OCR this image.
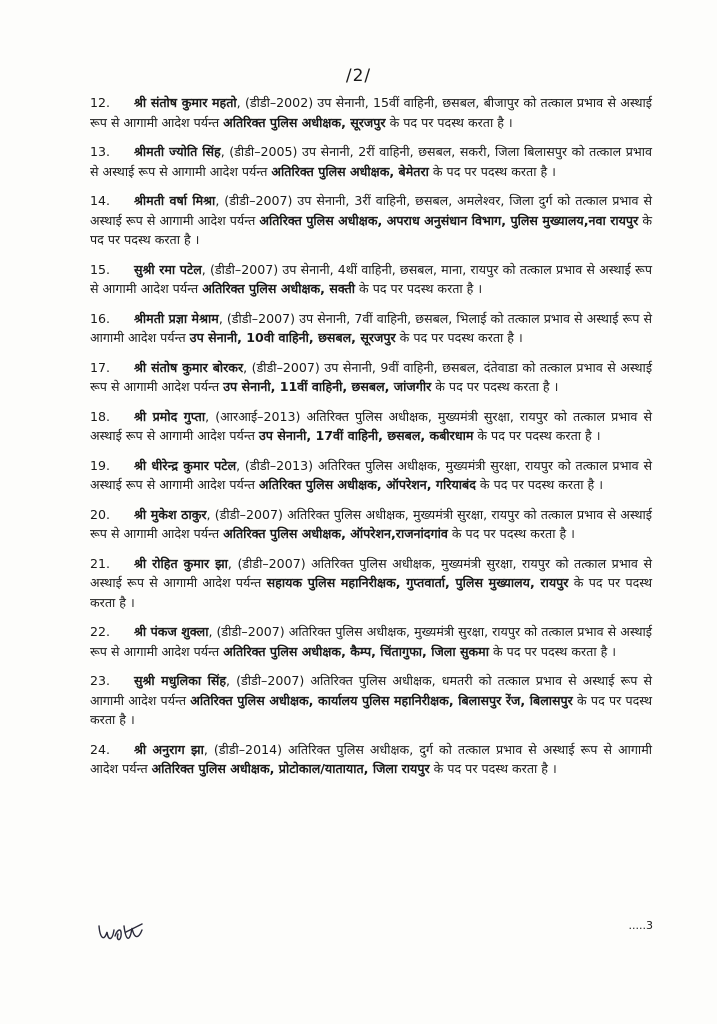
/2/

12. श्री संतोष कुमार महतो, (डीडी–2002) उप सेनानी, 15वीं वाहिनी, छसबल, बीजापुर को तत्काल प्रभाव से अस्थाई रूप से आगामी आदेश पर्यन्त अतिरिक्त पुलिस अधीक्षक, सूरजपुर के पद पर पदस्थ करता है ।

13. श्रीमती ज्योति सिंह, (डीडी–2005) उप सेनानी, 2रीं वाहिनी, छसबल, सकरी, जिला बिलासपुर को तत्काल प्रभाव से अस्थाई रूप से आगामी आदेश पर्यन्त अतिरिक्त पुलिस अधीक्षक, बेमेतरा के पद पर पदस्थ करता है ।

14. श्रीमती वर्षा मिश्रा, (डीडी–2007) उप सेनानी, 3रीं वाहिनी, छसबल, अमलेश्वर, जिला दुर्ग को तत्काल प्रभाव से अस्थाई रूप से आगामी आदेश पर्यन्त अतिरिक्त पुलिस अधीक्षक, अपराध अनुसंधान विभाग, पुलिस मुख्यालय,नवा रायपुर के पद पर पदस्थ करता है ।

15. सुश्री रमा पटेल, (डीडी–2007) उप सेनानी, 4थीं वाहिनी, छसबल, माना, रायपुर को तत्काल प्रभाव से अस्थाई रूप से आगामी आदेश पर्यन्त अतिरिक्त पुलिस अधीक्षक, सक्ती के पद पर पदस्थ करता है ।

16. श्रीमती प्रज्ञा मेश्राम, (डीडी–2007) उप सेनानी, 7वीं वाहिनी, छसबल, भिलाई को तत्काल प्रभाव से अस्थाई रूप से आगामी आदेश पर्यन्त उप सेनानी, 10वी वाहिनी, छसबल, सूरजपुर के पद पर पदस्थ करता है ।

17. श्री संतोष कुमार बोरकर, (डीडी–2007) उप सेनानी, 9वीं वाहिनी, छसबल, दंतेवाडा को तत्काल प्रभाव से अस्थाई रूप से आगामी आदेश पर्यन्त उप सेनानी, 11वीं वाहिनी, छसबल, जांजगीर के पद पर पदस्थ करता है ।

18. श्री प्रमोद गुप्ता, (आरआई–2013) अतिरिक्त पुलिस अधीक्षक, मुख्यमंत्री सुरक्षा, रायपुर को तत्काल प्रभाव से अस्थाई रूप से आगामी आदेश पर्यन्त उप सेनानी, 17वीं वाहिनी, छसबल, कबीरधाम के पद पर पदस्थ करता है ।

19. श्री धीरेन्द्र कुमार पटेल, (डीडी–2013) अतिरिक्त पुलिस अधीक्षक, मुख्यमंत्री सुरक्षा, रायपुर को तत्काल प्रभाव से अस्थाई रूप से आगामी आदेश पर्यन्त अतिरिक्त पुलिस अधीक्षक, ऑपरेशन, गरियाबंद के पद पर पदस्थ करता है ।

20. श्री मुकेश ठाकुर, (डीडी–2007) अतिरिक्त पुलिस अधीक्षक, मुख्यमंत्री सुरक्षा, रायपुर को तत्काल प्रभाव से अस्थाई रूप से आगामी आदेश पर्यन्त अतिरिक्त पुलिस अधीक्षक, ऑपरेशन,राजनांदगांव के पद पर पदस्थ करता है ।

21. श्री रोहित कुमार झा, (डीडी–2007) अतिरिक्त पुलिस अधीक्षक, मुख्यमंत्री सुरक्षा, रायपुर को तत्काल प्रभाव से अस्थाई रूप से आगामी आदेश पर्यन्त सहायक पुलिस महानिरीक्षक, गुप्तवार्ता, पुलिस मुख्यालय, रायपुर के पद पर पदस्थ करता है ।

22. श्री पंकज शुक्ला, (डीडी–2007) अतिरिक्त पुलिस अधीक्षक, मुख्यमंत्री सुरक्षा, रायपुर को तत्काल प्रभाव से अस्थाई रूप से आगामी आदेश पर्यन्त अतिरिक्त पुलिस अधीक्षक, कैम्प, चिंतागुफा, जिला सुकमा के पद पर पदस्थ करता है ।

23. सुश्री मधुलिका सिंह, (डीडी–2007) अतिरिक्त पुलिस अधीक्षक, धमतरी को तत्काल प्रभाव से अस्थाई रूप से आगामी आदेश पर्यन्त अतिरिक्त पुलिस अधीक्षक, कार्यालय पुलिस महानिरीक्षक, बिलासपुर रेंज, बिलासपुर के पद पर पदस्थ करता है ।

24. श्री अनुराग झा, (डीडी–2014) अतिरिक्त पुलिस अधीक्षक, दुर्ग को तत्काल प्रभाव से अस्थाई रूप से आगामी आदेश पर्यन्त अतिरिक्त पुलिस अधीक्षक, प्रोटोकाल/यातायात, जिला रायपुर के पद पर पदस्थ करता है ।

.....3
